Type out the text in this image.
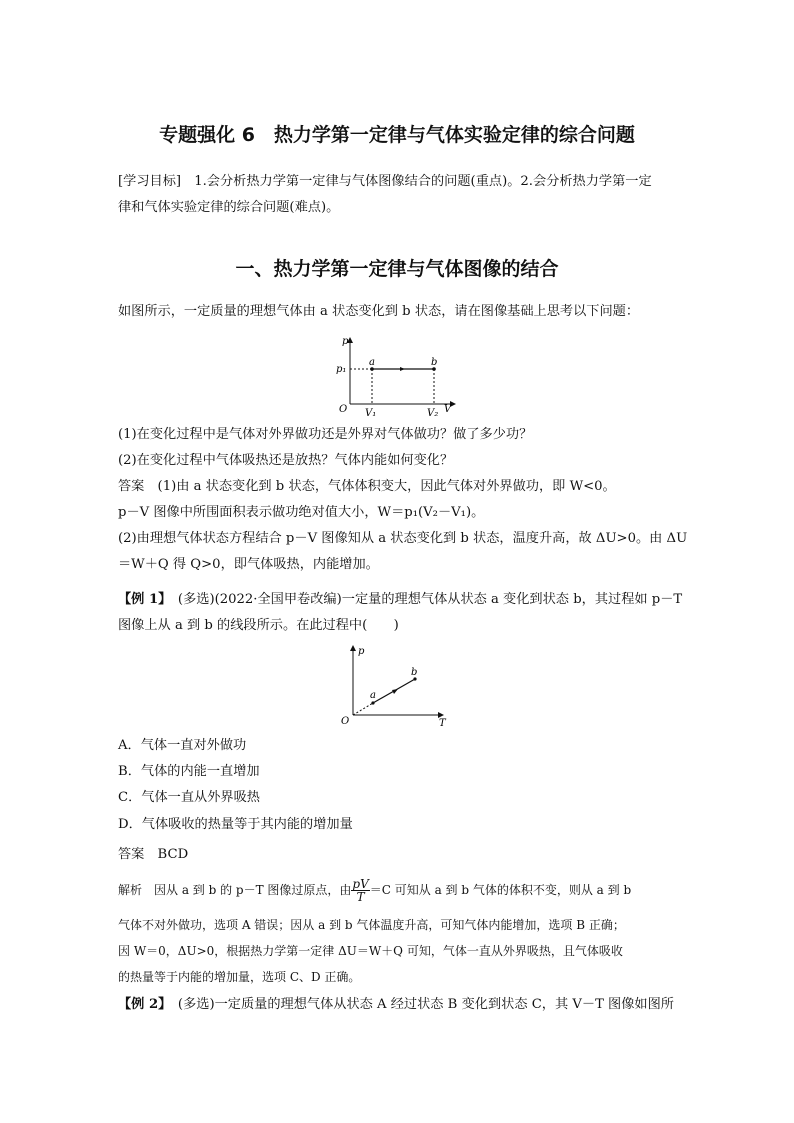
专题强化 6　热力学第一定律与气体实验定律的综合问题
[学习目标]　1.会分析热力学第一定律与气体图像结合的问题(重点)。2.会分析热力学第一定
律和气体实验定律的综合问题(难点)。
一、热力学第一定律与气体图像的结合
如图所示，一定质量的理想气体由 a 状态变化到 b 状态，请在图像基础上思考以下问题：
p
V
O
p₁
V₁	V₂
a	b
(1)在变化过程中是气体对外界做功还是外界对气体做功？做了多少功？
(2)在变化过程中气体吸热还是放热？气体内能如何变化？
答案　(1)由 a 状态变化到 b 状态，气体体积变大，因此气体对外界做功，即 W<0。
p－V 图像中所围面积表示做功绝对值大小，W＝p₁(V₂－V₁)。
(2)由理想气体状态方程结合 p－V 图像知从 a 状态变化到 b 状态，温度升高，故 ΔU>0。由 ΔU
＝W＋Q 得 Q>0，即气体吸热，内能增加。
【例 1】　(多选)(2022·全国甲卷改编)一定量的理想气体从状态 a 变化到状态 b，其过程如 p－T
图像上从 a 到 b 的线段所示。在此过程中(　　)
p
T
O
a
b
A．气体一直对外做功
B．气体的内能一直增加
C．气体一直从外界吸热
D．气体吸收的热量等于其内能的增加量
答案　BCD
解析　因从 a 到 b 的 p－T 图像过原点，由 $\frac{pV}{T} =C$ 可知从 a 到 b 气体的体积不变，则从 a 到 b
气体不对外做功，选项 A 错误；因从 a 到 b 气体温度升高，可知气体内能增加，选项 B 正确；
因 W＝0，ΔU>0，根据热力学第一定律 ΔU＝W＋Q 可知，气体一直从外界吸热，且气体吸收
的热量等于内能的增加量，选项 C、D 正确。
【例 2】　(多选)一定质量的理想气体从状态 A 经过状态 B 变化到状态 C，其 V－T 图像如图所
